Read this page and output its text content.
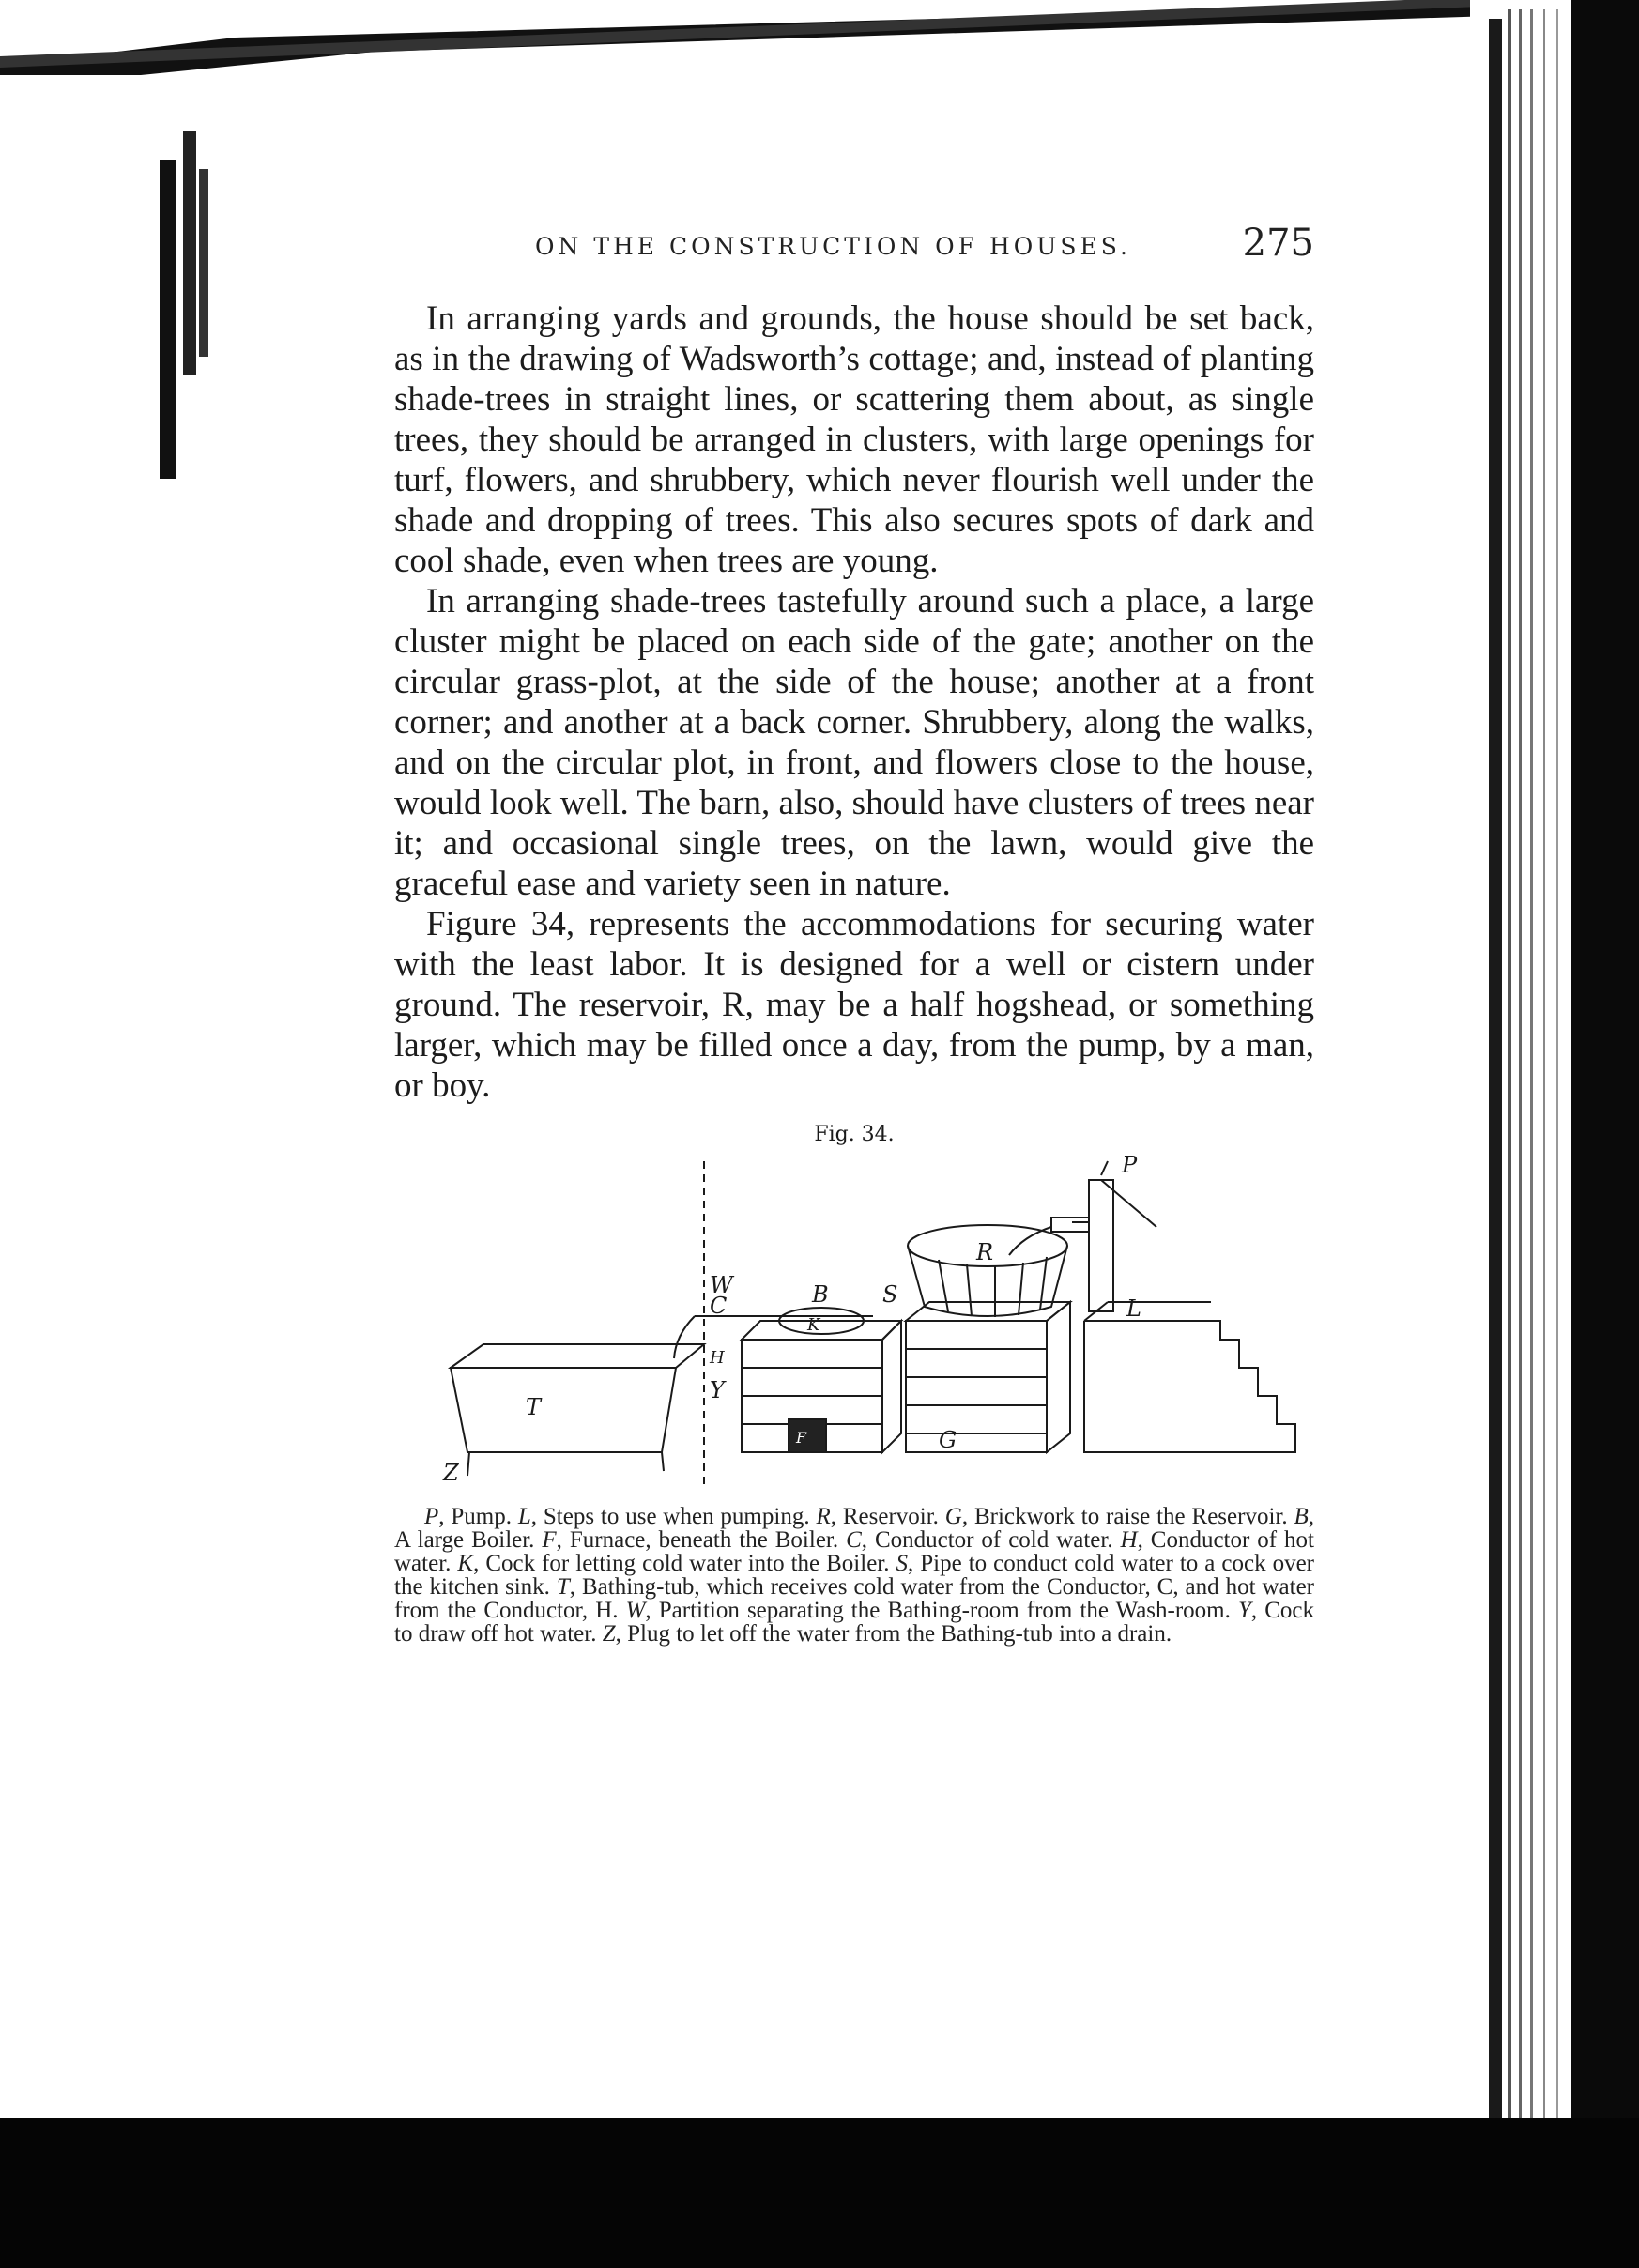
ON THE CONSTRUCTION OF HOUSES.	275

In arranging yards and grounds, the house should be set back, as in the drawing of Wadsworth’s cottage; and, instead of planting shade-trees in straight lines, or scattering them about, as single trees, they should be arranged in clusters, with large openings for turf, flowers, and shrubbery, which never flourish well under the shade and dropping of trees. This also secures spots of dark and cool shade, even when trees are young.

In arranging shade-trees tastefully around such a place, a large cluster might be placed on each side of the gate; another on the circular grass-plot, at the side of the house; another at a front corner; and another at a back corner. Shrubbery, along the walks, and on the circular plot, in front, and flowers close to the house, would look well. The barn, also, should have clusters of trees near it; and occasional single trees, on the lawn, would give the graceful ease and variety seen in nature.

Figure 34, represents the accommodations for securing water with the least labor. It is designed for a well or cistern under ground. The reservoir, R, may be a half hogshead, or something larger, which may be filled once a day, from the pump, by a man, or boy.

Fig. 34.
P
R
W
C	B S
K
L
H
Y
T
G
F
Z

P, Pump. L, Steps to use when pumping. R, Reservoir. G, Brickwork to raise the Reservoir. B, A large Boiler. F, Furnace, beneath the Boiler. C, Conductor of cold water. H, Conductor of hot water. K, Cock for letting cold water into the Boiler. S, Pipe to conduct cold water to a cock over the kitchen sink. T, Bathing-tub, which receives cold water from the Conductor, C, and hot water from the Conductor, H. W, Partition separating the Bathing-room from the Wash-room. Y, Cock to draw off hot water. Z, Plug to let off the water from the Bathing-tub into a drain.
